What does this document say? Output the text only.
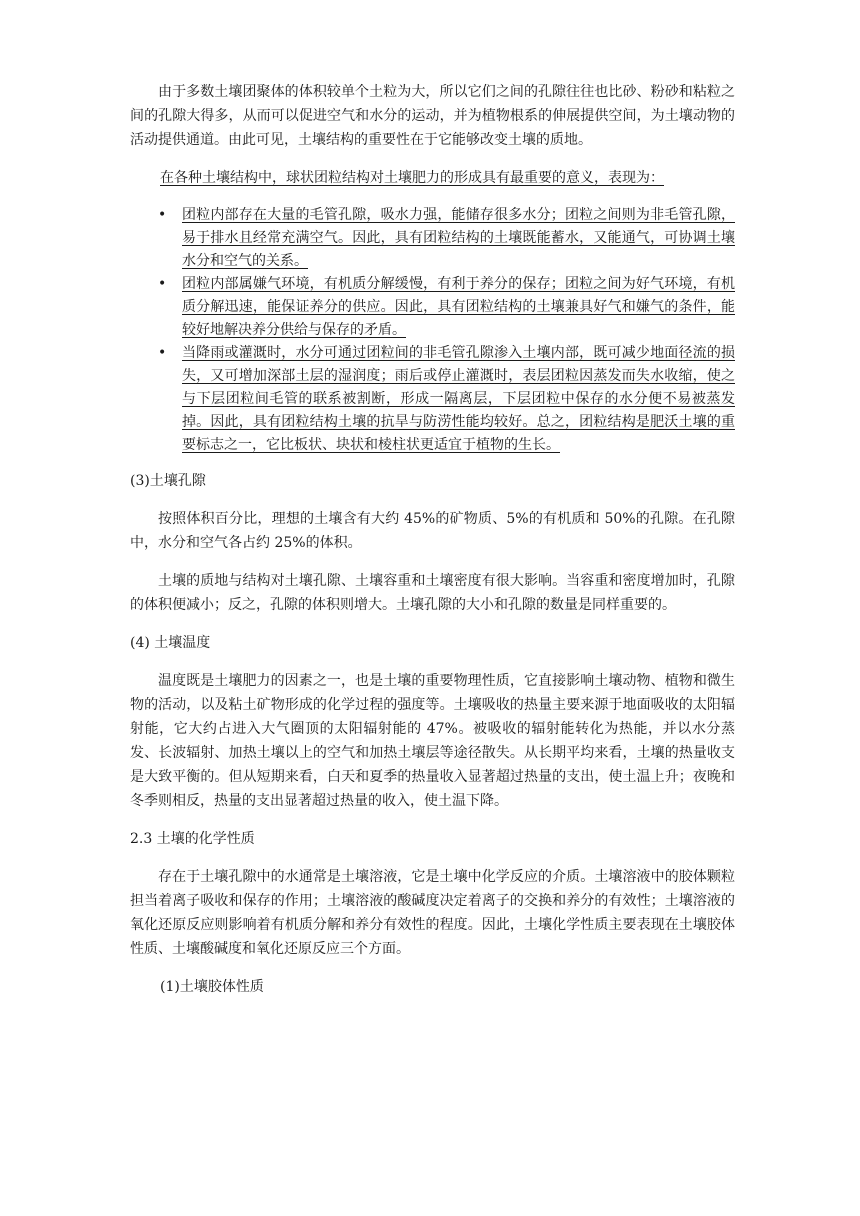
由于多数土壤团聚体的体积较单个土粒为大，所以它们之间的孔隙往往也比砂、粉砂和粘粒之间的孔隙大得多，从而可以促进空气和水分的运动，并为植物根系的伸展提供空间，为土壤动物的活动提供通道。由此可见，土壤结构的重要性在于它能够改变土壤的质地。

在各种土壤结构中，球状团粒结构对土壤肥力的形成具有最重要的意义，表现为：

• 团粒内部存在大量的毛管孔隙，吸水力强，能储存很多水分；团粒之间则为非毛管孔隙，易于排水且经常充满空气。因此，具有团粒结构的土壤既能蓄水，又能通气，可协调土壤水分和空气的关系。
• 团粒内部属嫌气环境，有机质分解缓慢，有利于养分的保存；团粒之间为好气环境，有机质分解迅速，能保证养分的供应。因此，具有团粒结构的土壤兼具好气和嫌气的条件，能较好地解决养分供给与保存的矛盾。
• 当降雨或灌溉时，水分可通过团粒间的非毛管孔隙渗入土壤内部，既可减少地面径流的损失，又可增加深部土层的湿润度；雨后或停止灌溉时，表层团粒因蒸发而失水收缩，使之与下层团粒间毛管的联系被割断，形成一隔离层，下层团粒中保存的水分便不易被蒸发掉。因此，具有团粒结构土壤的抗旱与防涝性能均较好。总之，团粒结构是肥沃土壤的重要标志之一，它比板状、块状和棱柱状更适宜于植物的生长。
(3)土壤孔隙

按照体积百分比，理想的土壤含有大约 45%的矿物质、5%的有机质和 50%的孔隙。在孔隙中，水分和空气各占约 25%的体积。

土壤的质地与结构对土壤孔隙、土壤容重和土壤密度有很大影响。当容重和密度增加时，孔隙的体积便减小；反之，孔隙的体积则增大。土壤孔隙的大小和孔隙的数量是同样重要的。

(4) 土壤温度

温度既是土壤肥力的因素之一，也是土壤的重要物理性质，它直接影响土壤动物、植物和微生物的活动，以及粘土矿物形成的化学过程的强度等。土壤吸收的热量主要来源于地面吸收的太阳辐射能，它大约占进入大气圈顶的太阳辐射能的 47%。被吸收的辐射能转化为热能，并以水分蒸发、长波辐射、加热土壤以上的空气和加热土壤层等途径散失。从长期平均来看，土壤的热量收支是大致平衡的。但从短期来看，白天和夏季的热量收入显著超过热量的支出，使土温上升；夜晚和冬季则相反，热量的支出显著超过热量的收入，使土温下降。

2.3 土壤的化学性质

存在于土壤孔隙中的水通常是土壤溶液，它是土壤中化学反应的介质。土壤溶液中的胶体颗粒担当着离子吸收和保存的作用；土壤溶液的酸碱度决定着离子的交换和养分的有效性；土壤溶液的氧化还原反应则影响着有机质分解和养分有效性的程度。因此，土壤化学性质主要表现在土壤胶体性质、土壤酸碱度和氧化还原反应三个方面。

(1)土壤胶体性质
